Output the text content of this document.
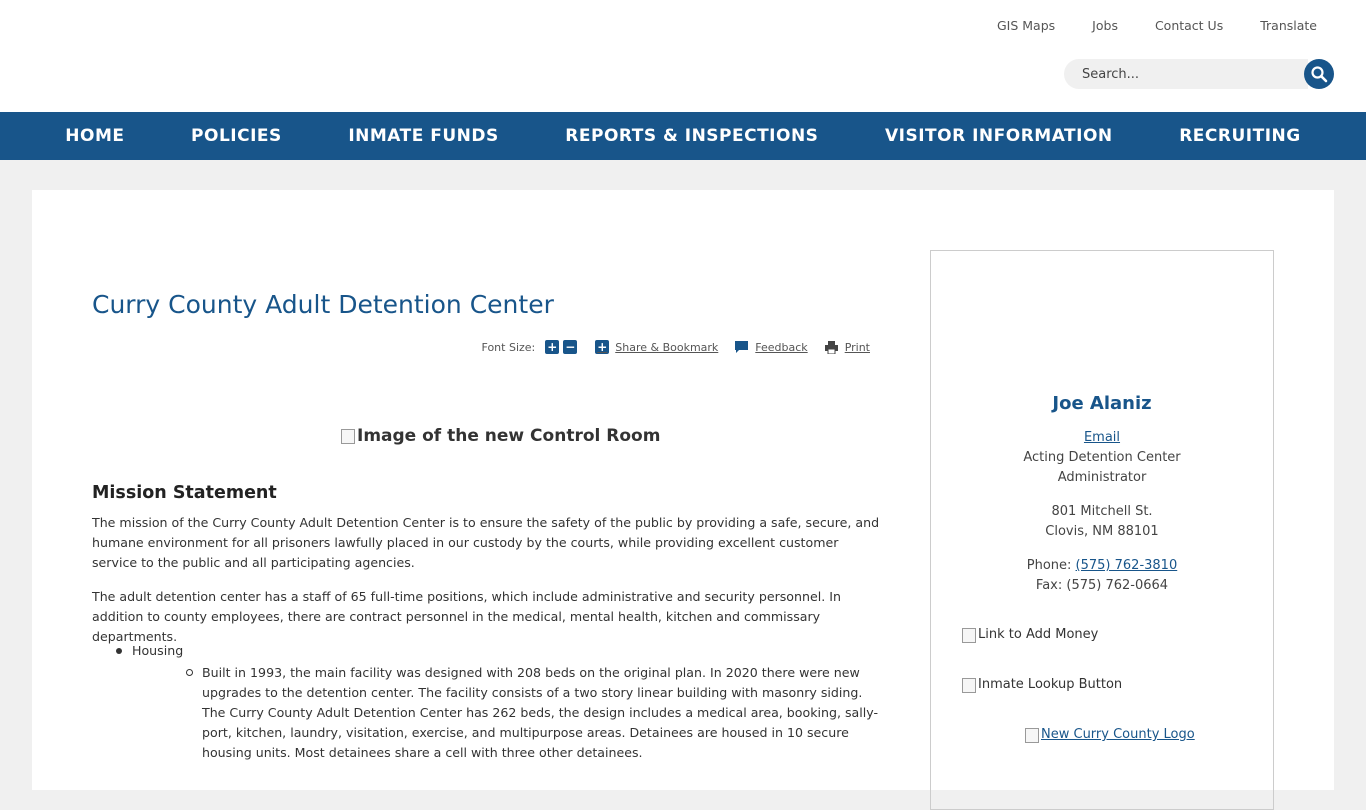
GIS Maps	Jobs	Contact Us	Translate
Search...
HOME	POLICIES	INMATE FUNDS	REPORTS & INSPECTIONS	VISITOR INFORMATION	RECRUITING
Curry County Adult Detention Center
Font Size: + − + Share & Bookmark	Feedback	Print
Image of the new Control Room
Mission Statement

The mission of the Curry County Adult Detention Center is to ensure the safety of the public by providing a safe, secure, and humane environment for all prisoners lawfully placed in our custody by the courts, while providing excellent customer service to the public and all participating agencies.

The adult detention center has a staff of 65 full-time positions, which include administrative and security personnel. In addition to county employees, there are contract personnel in the medical, mental health, kitchen and commissary departments.

Housing
Built in 1993, the main facility was designed with 208 beds on the original plan. In 2020 there were new upgrades to the detention center. The facility consists of a two story linear building with masonry siding. The Curry County Adult Detention Center has 262 beds, the design includes a medical area, booking, sally-port, kitchen, laundry, visitation, exercise, and multipurpose areas. Detainees are housed in 10 secure housing units. Most detainees share a cell with three other detainees.
Joe Alaniz
Email
Acting Detention Center
Administrator
801 Mitchell St.
Clovis, NM 88101
Phone: (575) 762-3810
Fax: (575) 762-0664
Link to Add Money
Inmate Lookup Button
New Curry County Logo
